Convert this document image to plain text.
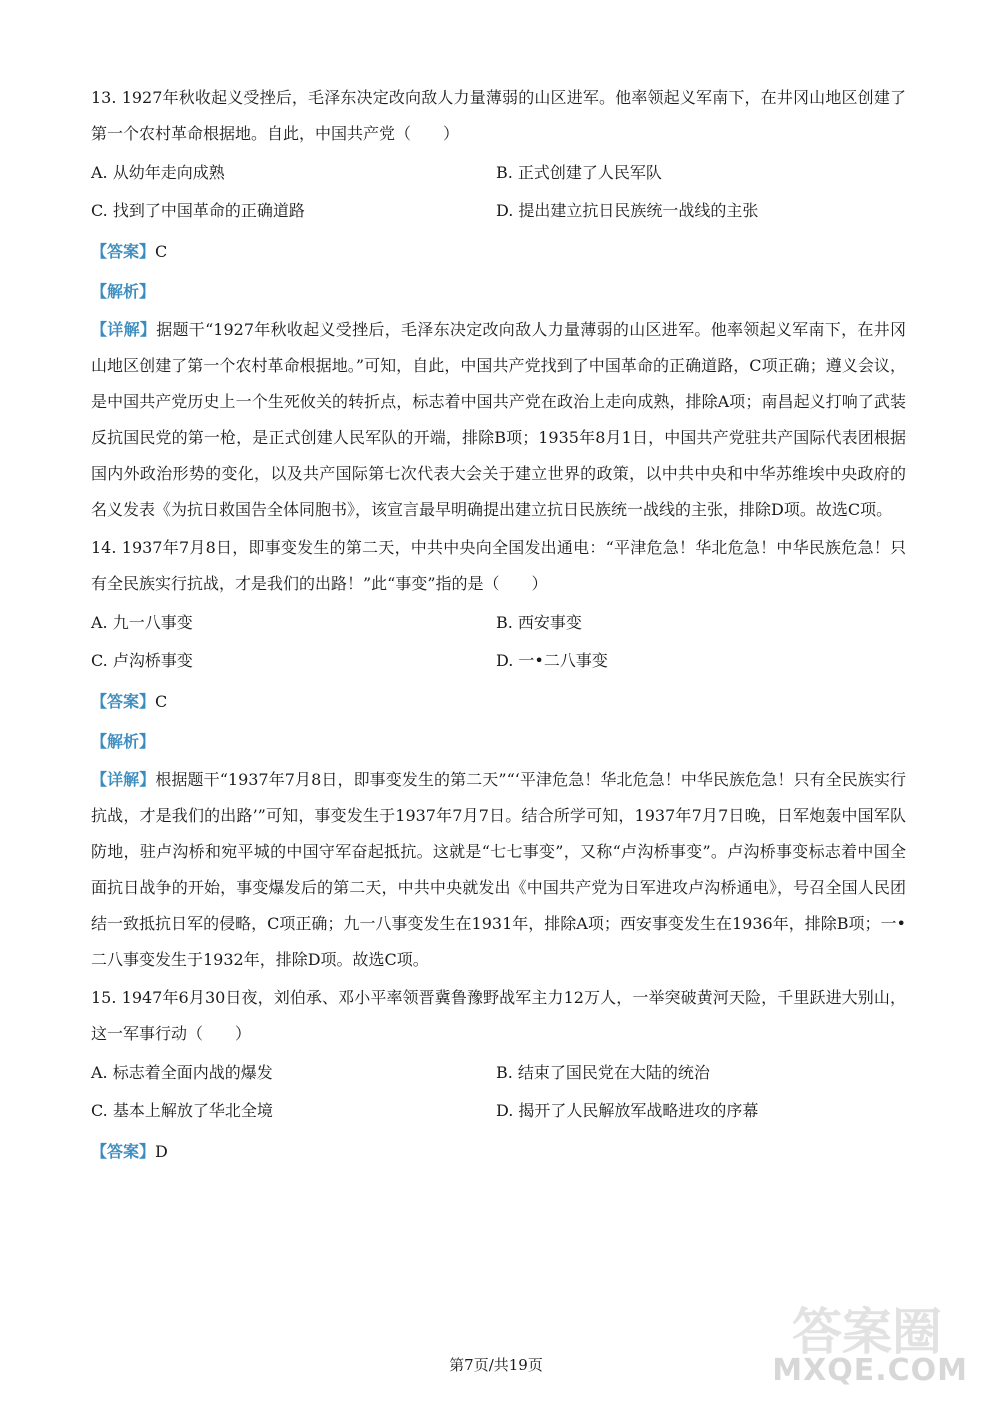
13. 1927年秋收起义受挫后，毛泽东决定改向敌人力量薄弱的山区进军。他率领起义军南下，在井冈山地区创建了第一个农村革命根据地。自此，中国共产党（　　）

A. 从幼年走向成熟	B. 正式创建了人民军队
C. 找到了中国革命的正确道路	D. 提出建立抗日民族统一战线的主张

【答案】C

【解析】

【详解】据题干“1927年秋收起义受挫后，毛泽东决定改向敌人力量薄弱的山区进军。他率领起义军南下，在井冈山地区创建了第一个农村革命根据地。”可知，自此，中国共产党找到了中国革命的正确道路，C项正确；遵义会议，是中国共产党历史上一个生死攸关的转折点，标志着中国共产党在政治上走向成熟，排除A项；南昌起义打响了武装反抗国民党的第一枪，是正式创建人民军队的开端，排除B项；1935年8月1日，中国共产党驻共产国际代表团根据国内外政治形势的变化，以及共产国际第七次代表大会关于建立世界的政策，以中共中央和中华苏维埃中央政府的名义发表《为抗日救国告全体同胞书》，该宣言最早明确提出建立抗日民族统一战线的主张，排除D项。故选C项。

14. 1937年7月8日，即事变发生的第二天，中共中央向全国发出通电：“平津危急！华北危急！中华民族危急！只有全民族实行抗战，才是我们的出路！”此“事变”指的是（　　）

A. 九一八事变	B. 西安事变
C. 卢沟桥事变	D. 一•二八事变

【答案】C

【解析】

【详解】根据题干“1937年7月8日，即事变发生的第二天”“‘平津危急！华北危急！中华民族危急！只有全民族实行抗战，才是我们的出路’”可知，事变发生于1937年7月7日。结合所学可知，1937年7月7日晚，日军炮轰中国军队防地，驻卢沟桥和宛平城的中国守军奋起抵抗。这就是“七七事变”，又称“卢沟桥事变”。卢沟桥事变标志着中国全面抗日战争的开始，事变爆发后的第二天，中共中央就发出《中国共产党为日军进攻卢沟桥通电》，号召全国人民团结一致抵抗日军的侵略，C项正确；九一八事变发生在1931年，排除A项；西安事变发生在1936年，排除B项；一•二八事变发生于1932年，排除D项。故选C项。

15. 1947年6月30日夜，刘伯承、邓小平率领晋冀鲁豫野战军主力12万人，一举突破黄河天险，千里跃进大别山，这一军事行动（　　）

A. 标志着全面内战的爆发	B. 结束了国民党在大陆的统治
C. 基本上解放了华北全境	D. 揭开了人民解放军战略进攻的序幕

【答案】D

第7页/共19页
答案圈
MXQE.COM
